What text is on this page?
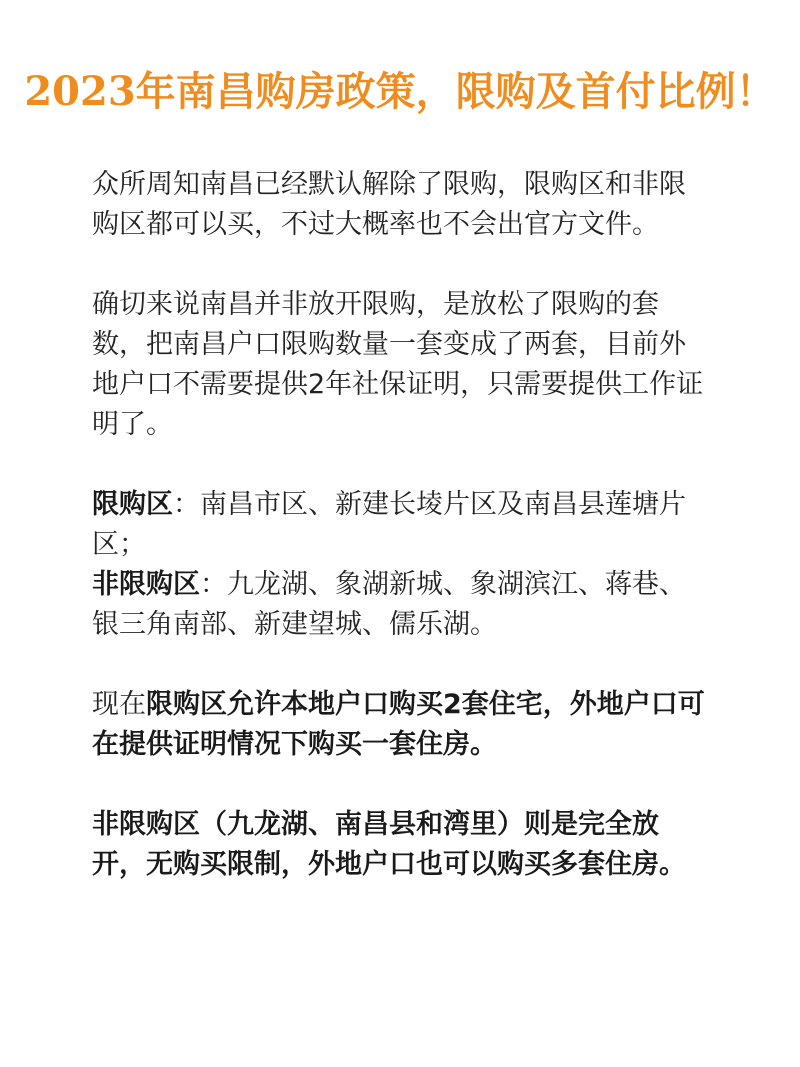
2023年南昌购房政策，限购及首付比例！

众所周知南昌已经默认解除了限购，限购区和非限购区都可以买，不过大概率也不会出官方文件。

确切来说南昌并非放开限购，是放松了限购的套数，把南昌户口限购数量一套变成了两套，目前外地户口不需要提供2年社保证明，只需要提供工作证明了。

限购区：南昌市区、新建长堎片区及南昌县莲塘片区；

非限购区：九龙湖、象湖新城、象湖滨江、蒋巷、银三角南部、新建望城、儒乐湖。

现在限购区允许本地户口购买2套住宅，外地户口可在提供证明情况下购买一套住房。

非限购区（九龙湖、南昌县和湾里）则是完全放开，无购买限制，外地户口也可以购买多套住房。
